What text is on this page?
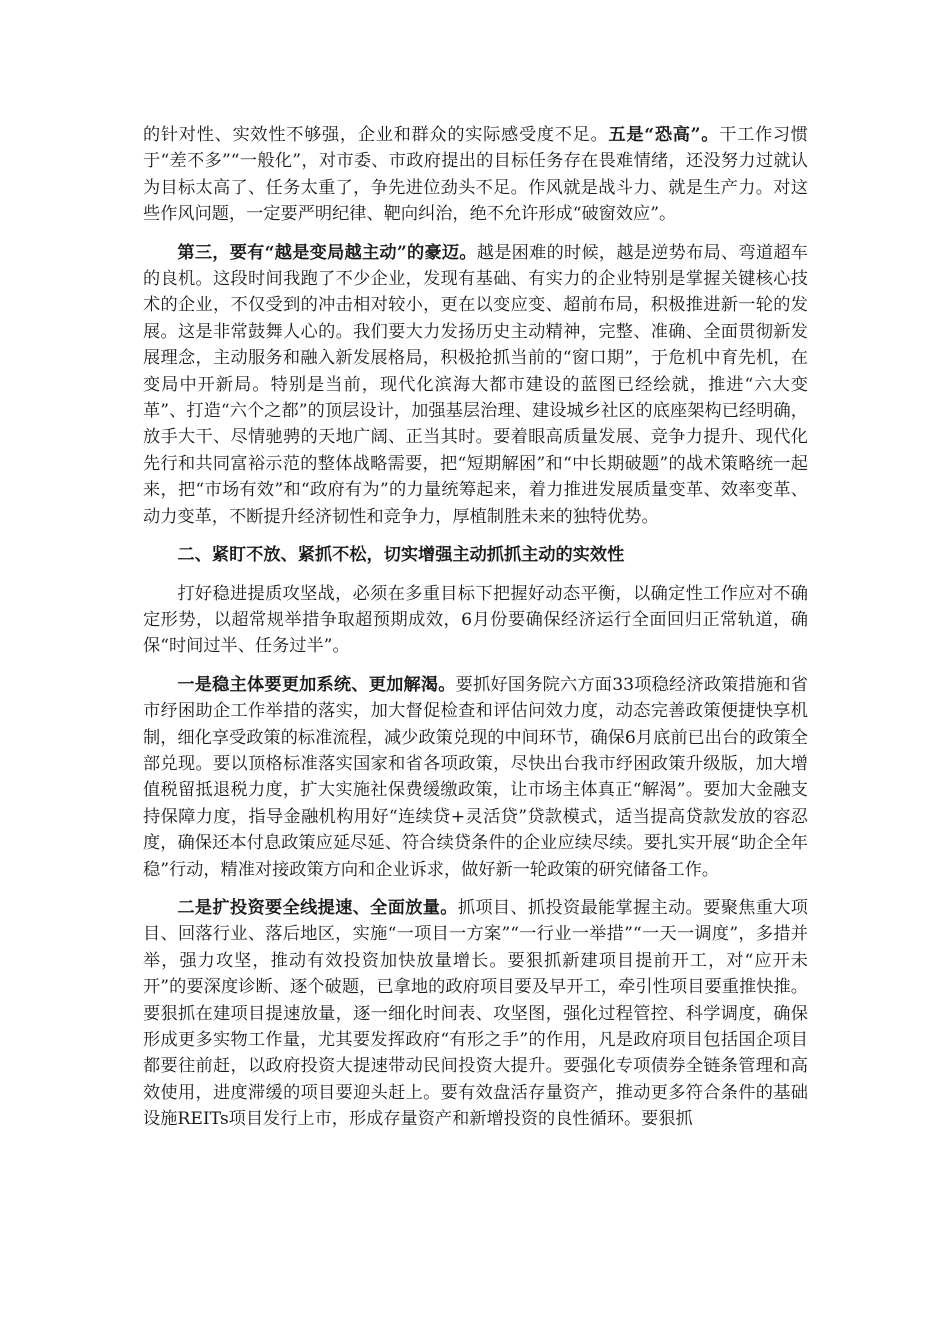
的针对性、实效性不够强，企业和群众的实际感受度不足。五是“恐高”。干工作习惯于“差不多”“一般化”，对市委、市政府提出的目标任务存在畏难情绪，还没努力过就认为目标太高了、任务太重了，争先进位劲头不足。作风就是战斗力、就是生产力。对这些作风问题，一定要严明纪律、靶向纠治，绝不允许形成“破窗效应”。

第三，要有“越是变局越主动”的豪迈。越是困难的时候，越是逆势布局、弯道超车的良机。这段时间我跑了不少企业，发现有基础、有实力的企业特别是掌握关键核心技术的企业，不仅受到的冲击相对较小，更在以变应变、超前布局，积极推进新一轮的发展。这是非常鼓舞人心的。我们要大力发扬历史主动精神，完整、准确、全面贯彻新发展理念，主动服务和融入新发展格局，积极抢抓当前的“窗口期”，于危机中育先机，在变局中开新局。特别是当前，现代化滨海大都市建设的蓝图已经绘就，推进“六大变革”、打造“六个之都”的顶层设计，加强基层治理、建设城乡社区的底座架构已经明确，放手大干、尽情驰骋的天地广阔、正当其时。要着眼高质量发展、竞争力提升、现代化先行和共同富裕示范的整体战略需要，把“短期解困”和“中长期破题”的战术策略统一起来，把“市场有效”和“政府有为”的力量统筹起来，着力推进发展质量变革、效率变革、动力变革，不断提升经济韧性和竞争力，厚植制胜未来的独特优势。

二、紧盯不放、紧抓不松，切实增强主动抓抓主动的实效性

打好稳进提质攻坚战，必须在多重目标下把握好动态平衡，以确定性工作应对不确定形势，以超常规举措争取超预期成效，6月份要确保经济运行全面回归正常轨道，确保“时间过半、任务过半”。

一是稳主体要更加系统、更加解渴。要抓好国务院六方面33项稳经济政策措施和省市纾困助企工作举措的落实，加大督促检查和评估问效力度，动态完善政策便捷快享机制，细化享受政策的标准流程，减少政策兑现的中间环节，确保6月底前已出台的政策全部兑现。要以顶格标准落实国家和省各项政策，尽快出台我市纾困政策升级版，加大增值税留抵退税力度，扩大实施社保费缓缴政策，让市场主体真正“解渴”。要加大金融支持保障力度，指导金融机构用好“连续贷+灵活贷”贷款模式，适当提高贷款发放的容忍度，确保还本付息政策应延尽延、符合续贷条件的企业应续尽续。要扎实开展“助企全年稳”行动，精准对接政策方向和企业诉求，做好新一轮政策的研究储备工作。

二是扩投资要全线提速、全面放量。抓项目、抓投资最能掌握主动。要聚焦重大项目、回落行业、落后地区，实施“一项目一方案”“一行业一举措”“一天一调度”，多措并举，强力攻坚，推动有效投资加快放量增长。要狠抓新建项目提前开工，对“应开未开”的要深度诊断、逐个破题，已拿地的政府项目要及早开工，牵引性项目要重推快推。要狠抓在建项目提速放量，逐一细化时间表、攻坚图，强化过程管控、科学调度，确保形成更多实物工作量，尤其要发挥政府“有形之手”的作用，凡是政府项目包括国企项目都要往前赶，以政府投资大提速带动民间投资大提升。要强化专项债券全链条管理和高效使用，进度滞缓的项目要迎头赶上。要有效盘活存量资产，推动更多符合条件的基础设施REITs项目发行上市，形成存量资产和新增投资的良性循环。要狠抓
